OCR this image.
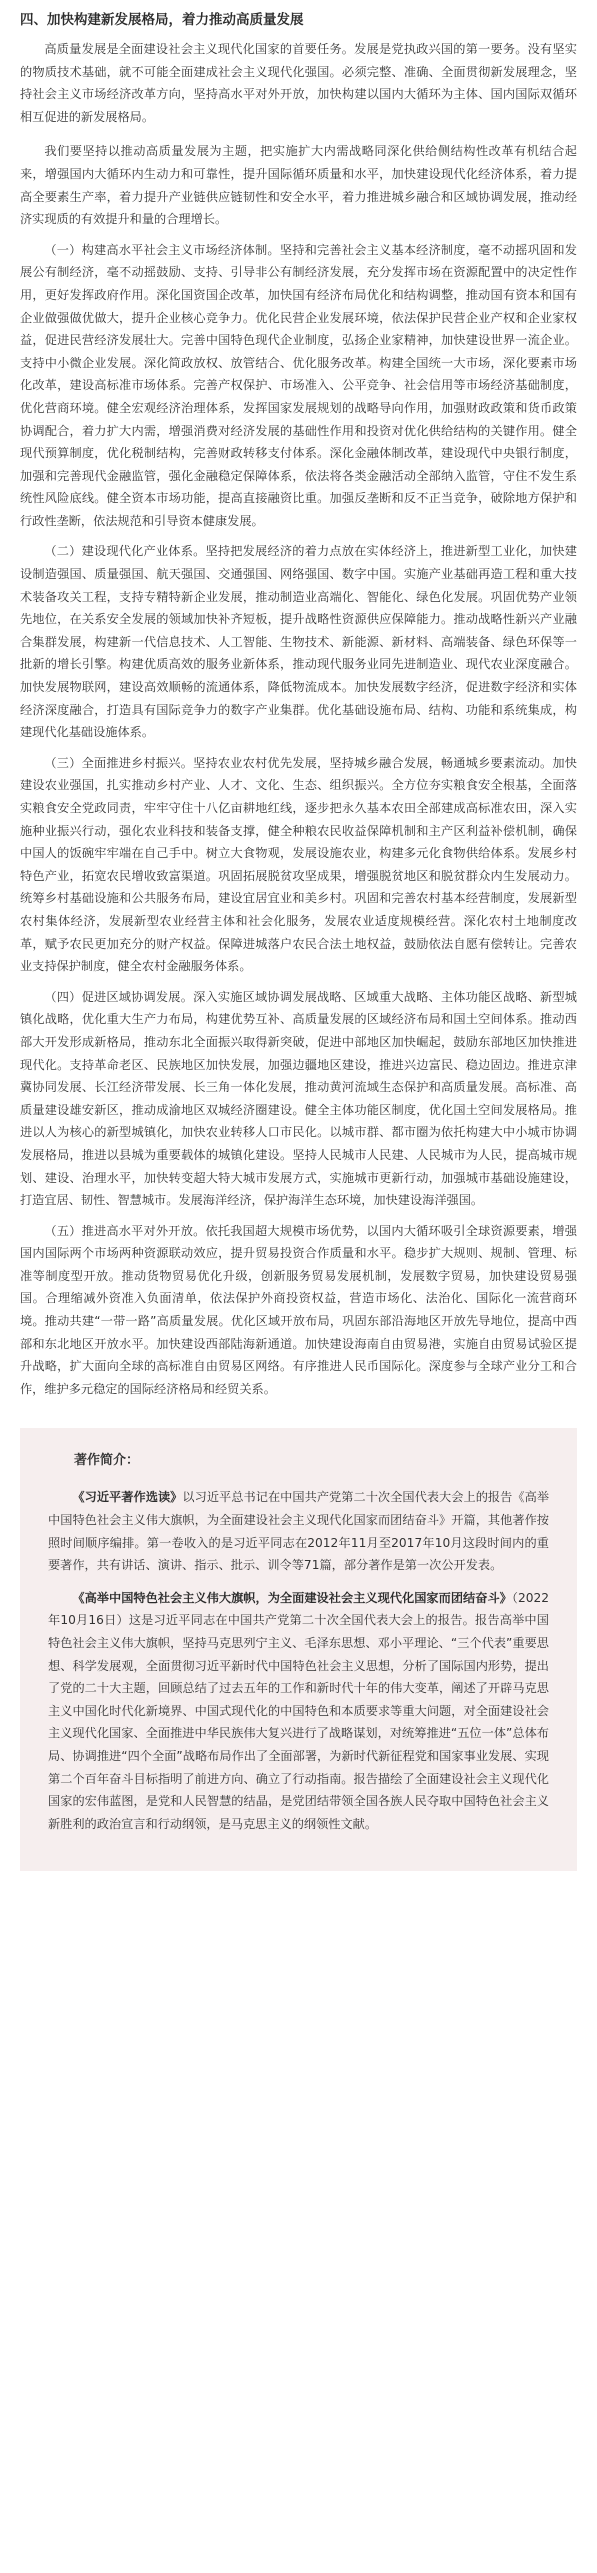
四、加快构建新发展格局，着力推动高质量发展

高质量发展是全面建设社会主义现代化国家的首要任务。发展是党执政兴国的第一要务。没有坚实的物质技术基础，就不可能全面建成社会主义现代化强国。必须完整、准确、全面贯彻新发展理念，坚持社会主义市场经济改革方向，坚持高水平对外开放，加快构建以国内大循环为主体、国内国际双循环相互促进的新发展格局。

我们要坚持以推动高质量发展为主题，把实施扩大内需战略同深化供给侧结构性改革有机结合起来，增强国内大循环内生动力和可靠性，提升国际循环质量和水平，加快建设现代化经济体系，着力提高全要素生产率，着力提升产业链供应链韧性和安全水平，着力推进城乡融合和区域协调发展，推动经济实现质的有效提升和量的合理增长。

（一）构建高水平社会主义市场经济体制。坚持和完善社会主义基本经济制度，毫不动摇巩固和发展公有制经济，毫不动摇鼓励、支持、引导非公有制经济发展，充分发挥市场在资源配置中的决定性作用，更好发挥政府作用。深化国资国企改革，加快国有经济布局优化和结构调整，推动国有资本和国有企业做强做优做大，提升企业核心竞争力。优化民营企业发展环境，依法保护民营企业产权和企业家权益，促进民营经济发展壮大。完善中国特色现代企业制度，弘扬企业家精神，加快建设世界一流企业。支持中小微企业发展。深化简政放权、放管结合、优化服务改革。构建全国统一大市场，深化要素市场化改革，建设高标准市场体系。完善产权保护、市场准入、公平竞争、社会信用等市场经济基础制度，优化营商环境。健全宏观经济治理体系，发挥国家发展规划的战略导向作用，加强财政政策和货币政策协调配合，着力扩大内需，增强消费对经济发展的基础性作用和投资对优化供给结构的关键作用。健全现代预算制度，优化税制结构，完善财政转移支付体系。深化金融体制改革，建设现代中央银行制度，加强和完善现代金融监管，强化金融稳定保障体系，依法将各类金融活动全部纳入监管，守住不发生系统性风险底线。健全资本市场功能，提高直接融资比重。加强反垄断和反不正当竞争，破除地方保护和行政性垄断，依法规范和引导资本健康发展。

（二）建设现代化产业体系。坚持把发展经济的着力点放在实体经济上，推进新型工业化，加快建设制造强国、质量强国、航天强国、交通强国、网络强国、数字中国。实施产业基础再造工程和重大技术装备攻关工程，支持专精特新企业发展，推动制造业高端化、智能化、绿色化发展。巩固优势产业领先地位，在关系安全发展的领域加快补齐短板，提升战略性资源供应保障能力。推动战略性新兴产业融合集群发展，构建新一代信息技术、人工智能、生物技术、新能源、新材料、高端装备、绿色环保等一批新的增长引擎。构建优质高效的服务业新体系，推动现代服务业同先进制造业、现代农业深度融合。加快发展物联网，建设高效顺畅的流通体系，降低物流成本。加快发展数字经济，促进数字经济和实体经济深度融合，打造具有国际竞争力的数字产业集群。优化基础设施布局、结构、功能和系统集成，构建现代化基础设施体系。

（三）全面推进乡村振兴。坚持农业农村优先发展，坚持城乡融合发展，畅通城乡要素流动。加快建设农业强国，扎实推动乡村产业、人才、文化、生态、组织振兴。全方位夯实粮食安全根基，全面落实粮食安全党政同责，牢牢守住十八亿亩耕地红线，逐步把永久基本农田全部建成高标准农田，深入实施种业振兴行动，强化农业科技和装备支撑，健全种粮农民收益保障机制和主产区利益补偿机制，确保中国人的饭碗牢牢端在自己手中。树立大食物观，发展设施农业，构建多元化食物供给体系。发展乡村特色产业，拓宽农民增收致富渠道。巩固拓展脱贫攻坚成果，增强脱贫地区和脱贫群众内生发展动力。统筹乡村基础设施和公共服务布局，建设宜居宜业和美乡村。巩固和完善农村基本经营制度，发展新型农村集体经济，发展新型农业经营主体和社会化服务，发展农业适度规模经营。深化农村土地制度改革，赋予农民更加充分的财产权益。保障进城落户农民合法土地权益，鼓励依法自愿有偿转让。完善农业支持保护制度，健全农村金融服务体系。

（四）促进区域协调发展。深入实施区域协调发展战略、区域重大战略、主体功能区战略、新型城镇化战略，优化重大生产力布局，构建优势互补、高质量发展的区域经济布局和国土空间体系。推动西部大开发形成新格局，推动东北全面振兴取得新突破，促进中部地区加快崛起，鼓励东部地区加快推进现代化。支持革命老区、民族地区加快发展，加强边疆地区建设，推进兴边富民、稳边固边。推进京津冀协同发展、长江经济带发展、长三角一体化发展，推动黄河流域生态保护和高质量发展。高标准、高质量建设雄安新区，推动成渝地区双城经济圈建设。健全主体功能区制度，优化国土空间发展格局。推进以人为核心的新型城镇化，加快农业转移人口市民化。以城市群、都市圈为依托构建大中小城市协调发展格局，推进以县城为重要载体的城镇化建设。坚持人民城市人民建、人民城市为人民，提高城市规划、建设、治理水平，加快转变超大特大城市发展方式，实施城市更新行动，加强城市基础设施建设，打造宜居、韧性、智慧城市。发展海洋经济，保护海洋生态环境，加快建设海洋强国。

（五）推进高水平对外开放。依托我国超大规模市场优势，以国内大循环吸引全球资源要素，增强国内国际两个市场两种资源联动效应，提升贸易投资合作质量和水平。稳步扩大规则、规制、管理、标准等制度型开放。推动货物贸易优化升级，创新服务贸易发展机制，发展数字贸易，加快建设贸易强国。合理缩减外资准入负面清单，依法保护外商投资权益，营造市场化、法治化、国际化一流营商环境。推动共建“一带一路”高质量发展。优化区域开放布局，巩固东部沿海地区开放先导地位，提高中西部和东北地区开放水平。加快建设西部陆海新通道。加快建设海南自由贸易港，实施自由贸易试验区提升战略，扩大面向全球的高标准自由贸易区网络。有序推进人民币国际化。深度参与全球产业分工和合作，维护多元稳定的国际经济格局和经贸关系。

著作简介：

《习近平著作选读》以习近平总书记在中国共产党第二十次全国代表大会上的报告《高举中国特色社会主义伟大旗帜，为全面建设社会主义现代化国家而团结奋斗》开篇，其他著作按照时间顺序编排。第一卷收入的是习近平同志在2012年11月至2017年10月这段时间内的重要著作，共有讲话、演讲、指示、批示、训令等71篇，部分著作是第一次公开发表。

《高举中国特色社会主义伟大旗帜，为全面建设社会主义现代化国家而团结奋斗》（2022年10月16日）这是习近平同志在中国共产党第二十次全国代表大会上的报告。报告高举中国特色社会主义伟大旗帜，坚持马克思列宁主义、毛泽东思想、邓小平理论、“三个代表”重要思想、科学发展观，全面贯彻习近平新时代中国特色社会主义思想，分析了国际国内形势，提出了党的二十大主题，回顾总结了过去五年的工作和新时代十年的伟大变革，阐述了开辟马克思主义中国化时代化新境界、中国式现代化的中国特色和本质要求等重大问题，对全面建设社会主义现代化国家、全面推进中华民族伟大复兴进行了战略谋划，对统筹推进“五位一体”总体布局、协调推进“四个全面”战略布局作出了全面部署，为新时代新征程党和国家事业发展、实现第二个百年奋斗目标指明了前进方向、确立了行动指南。报告描绘了全面建设社会主义现代化国家的宏伟蓝图，是党和人民智慧的结晶，是党团结带领全国各族人民夺取中国特色社会主义新胜利的政治宣言和行动纲领，是马克思主义的纲领性文献。
